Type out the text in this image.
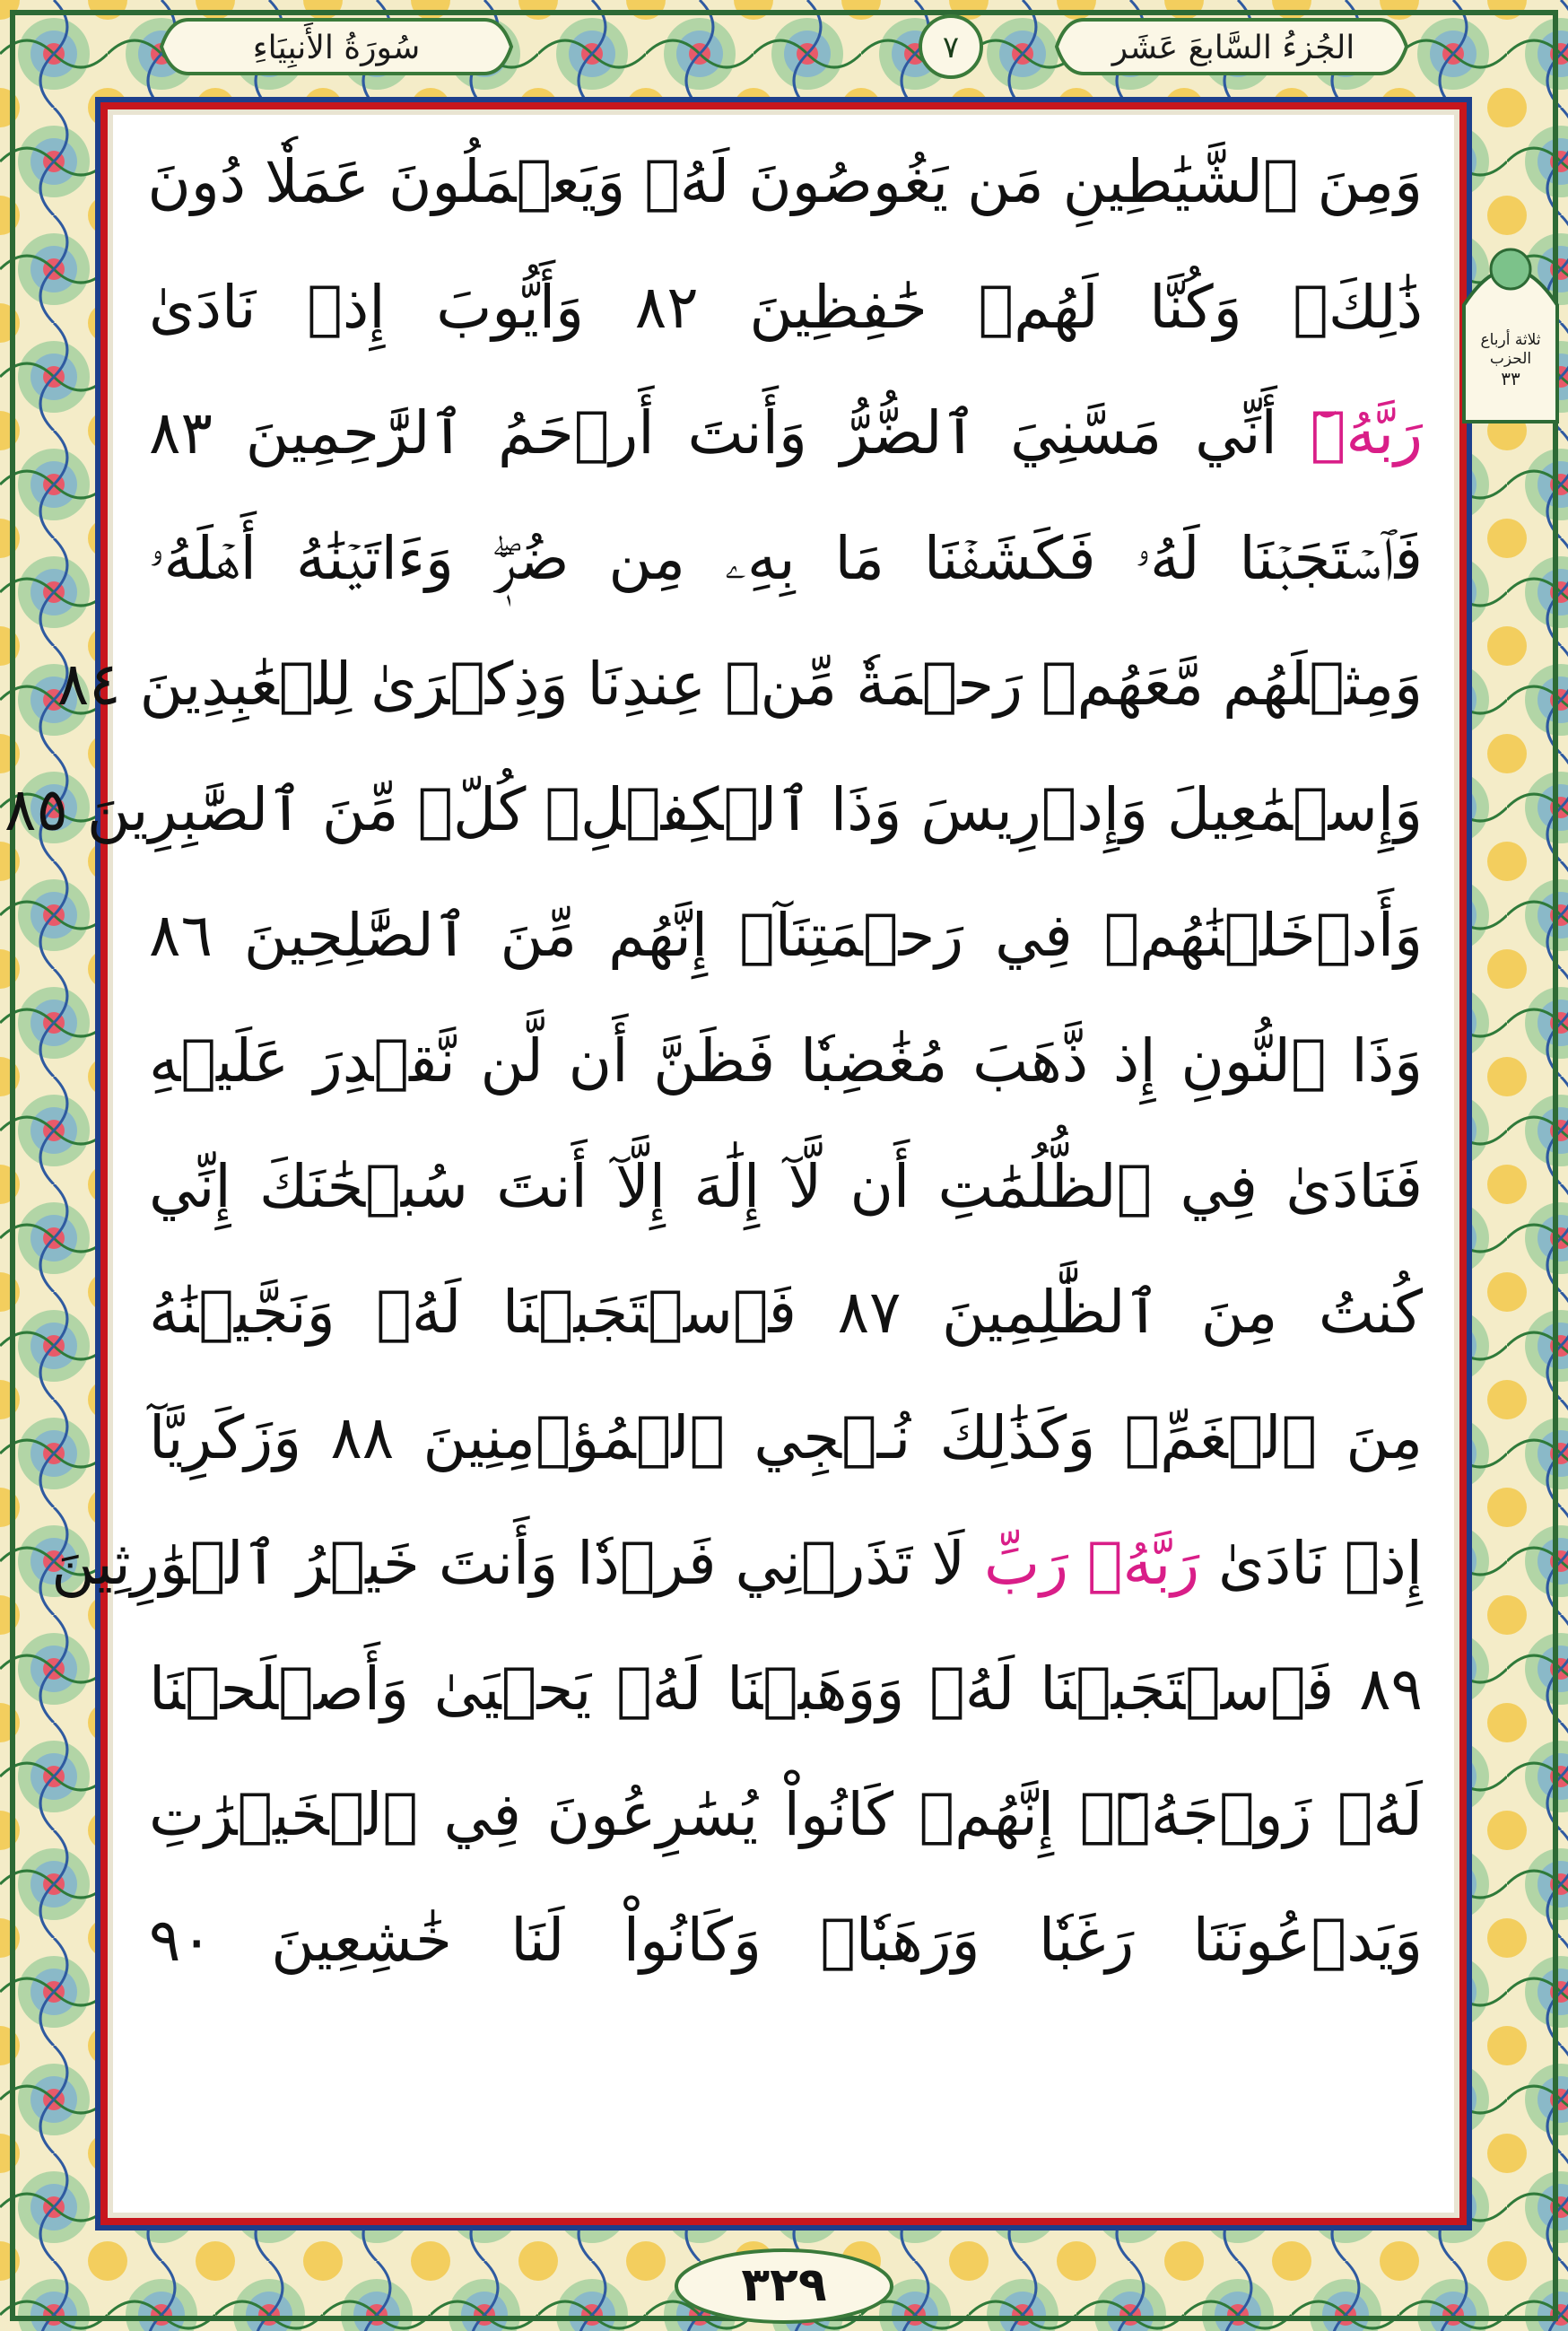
الجُزءُ السَّابعَ عَشَر
سُورَةُ الأَنبِيَاءِ	٧
ثلاثة أرباع
الحزب
٣٣
وَمِنَ ٱلشَّيَٰطِينِ مَن يَغُوصُونَ لَهُۥ وَيَعۡمَلُونَ عَمَلٗا دُونَ
ذَٰلِكَۖ وَكُنَّا لَهُمۡ حَٰفِظِينَ ٨٢ وَأَيُّوبَ إِذۡ نَادَىٰ
رَبَّهُۥٓ أَنِّي مَسَّنِيَ ٱلضُّرُّ وَأَنتَ أَرۡحَمُ ٱلرَّٰحِمِينَ ٨٣
فَٱسۡتَجَبۡنَا لَهُۥ فَكَشَفۡنَا مَا بِهِۦ مِن ضُرّٖۖ وَءَاتَيۡنَٰهُ أَهۡلَهُۥ
وَمِثۡلَهُم مَّعَهُمۡ رَحۡمَةٗ مِّنۡ عِندِنَا وَذِكۡرَىٰ لِلۡعَٰبِدِينَ ٨٤
وَإِسۡمَٰعِيلَ وَإِدۡرِيسَ وَذَا ٱلۡكِفۡلِۖ كُلّٞ مِّنَ ٱلصَّٰبِرِينَ ٨٥
وَأَدۡخَلۡنَٰهُمۡ فِي رَحۡمَتِنَآۖ إِنَّهُم مِّنَ ٱلصَّٰلِحِينَ ٨٦
وَذَا ٱلنُّونِ إِذ ذَّهَبَ مُغَٰضِبٗا فَظَنَّ أَن لَّن نَّقۡدِرَ عَلَيۡهِ
فَنَادَىٰ فِي ٱلظُّلُمَٰتِ أَن لَّآ إِلَٰهَ إِلَّآ أَنتَ سُبۡحَٰنَكَ إِنِّي
كُنتُ مِنَ ٱلظَّٰلِمِينَ ٨٧ فَٱسۡتَجَبۡنَا لَهُۥ وَنَجَّيۡنَٰهُ
مِنَ ٱلۡغَمِّۚ وَكَذَٰلِكَ نُـۨجِي ٱلۡمُؤۡمِنِينَ ٨٨ وَزَكَرِيَّآ
إِذۡ نَادَىٰ رَبَّهُۥ رَبِّ لَا تَذَرۡنِي فَرۡدٗا وَأَنتَ خَيۡرُ ٱلۡوَٰرِثِينَ
٨٩ فَٱسۡتَجَبۡنَا لَهُۥ وَوَهَبۡنَا لَهُۥ يَحۡيَىٰ وَأَصۡلَحۡنَا
لَهُۥ زَوۡجَهُۥٓۚ إِنَّهُمۡ كَانُواْ يُسَٰرِعُونَ فِي ٱلۡخَيۡرَٰتِ
وَيَدۡعُونَنَا رَغَبٗا وَرَهَبٗاۖ وَكَانُواْ لَنَا خَٰشِعِينَ ٩٠
٣٢٩
